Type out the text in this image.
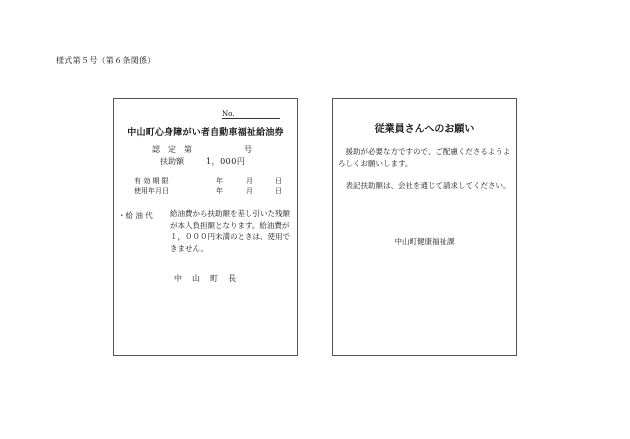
様式第５号（第６条関係）
No.
中山町心身障がい者自動車福祉給油券
認　定　第	号
扶助額	1，000円
有 効 期 限	年	月	日
使用年月日	年	月	日
・給 油 代 給油費から扶助額を差し引いた残額が本人負担額となります。給油費が１，０００円未満のときは、使用できません。
中　山　町　長
従業員さんへのお願い
　援助が必要な方ですので、ご配慮くださるようよろしくお願いします。
　表記扶助額は、会社を通じて請求してください。
中山町健康福祉課
